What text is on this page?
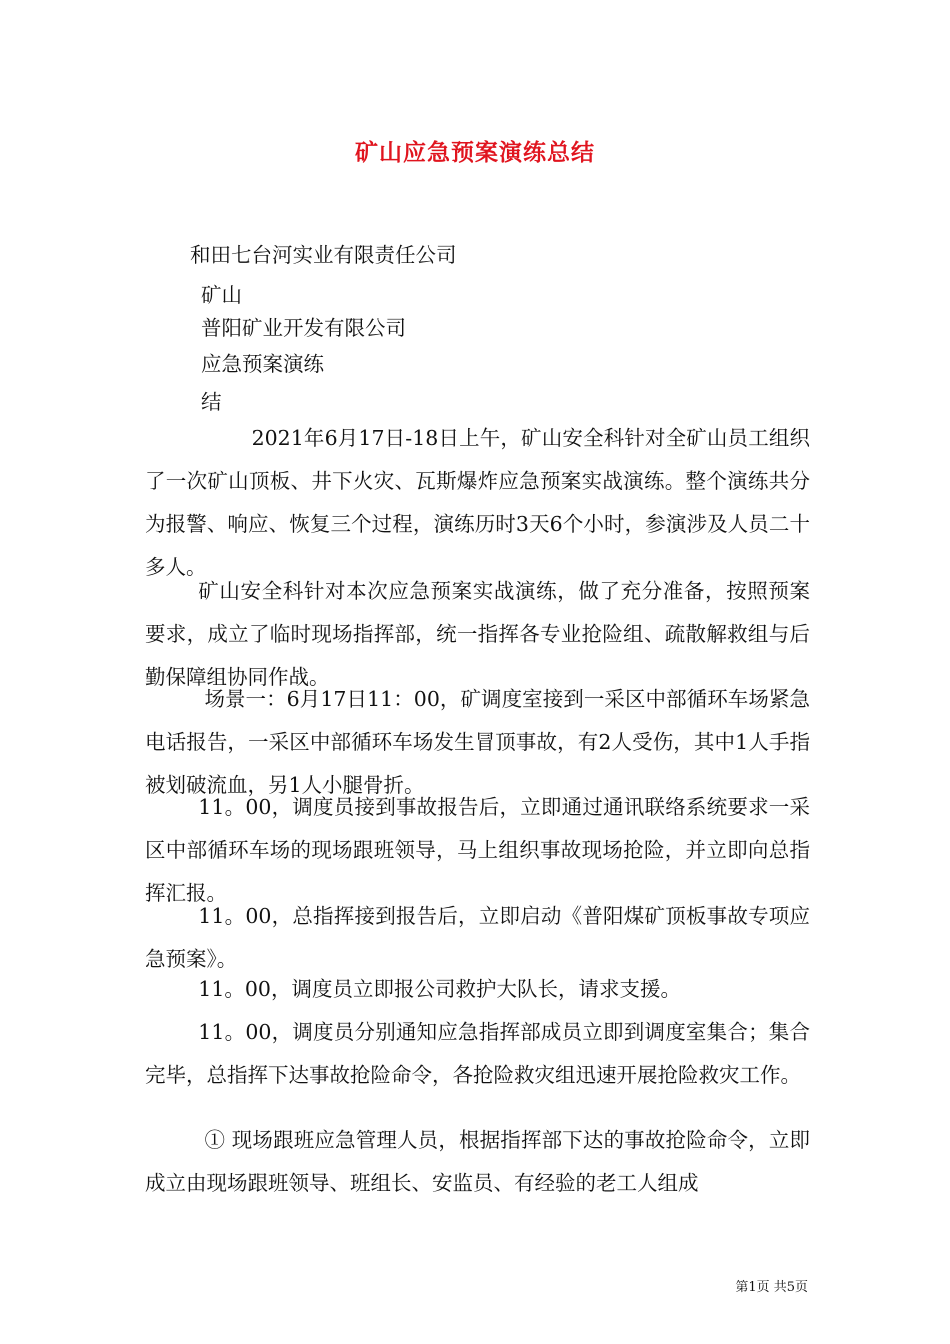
矿山应急预案演练总结

和田七台河实业有限责任公司

矿山

普阳矿业开发有限公司

应急预案演练

结

2021年6月17日-18日上午，矿山安全科针对全矿山员工组织了一次矿山顶板、井下火灾、瓦斯爆炸应急预案实战演练。整个演练共分为报警、响应、恢复三个过程，演练历时3天6个小时，参演涉及人员二十多人。

矿山安全科针对本次应急预案实战演练，做了充分准备，按照预案要求，成立了临时现场指挥部，统一指挥各专业抢险组、疏散解救组与后勤保障组协同作战。

场景一：6月17日11：00，矿调度室接到一采区中部循环车场紧急电话报告，一采区中部循环车场发生冒顶事故，有2人受伤，其中1人手指被划破流血，另1人小腿骨折。

11。00，调度员接到事故报告后，立即通过通讯联络系统要求一采区中部循环车场的现场跟班领导，马上组织事故现场抢险，并立即向总指挥汇报。

11。00，总指挥接到报告后，立即启动《普阳煤矿顶板事故专项应急预案》。

11。00，调度员立即报公司救护大队长，请求支援。

11。00，调度员分别通知应急指挥部成员立即到调度室集合；集合完毕，总指挥下达事故抢险命令，各抢险救灾组迅速开展抢险救灾工作。

① 现场跟班应急管理人员，根据指挥部下达的事故抢险命令，立即成立由现场跟班领导、班组长、安监员、有经验的老工人组成

第1页 共5页
